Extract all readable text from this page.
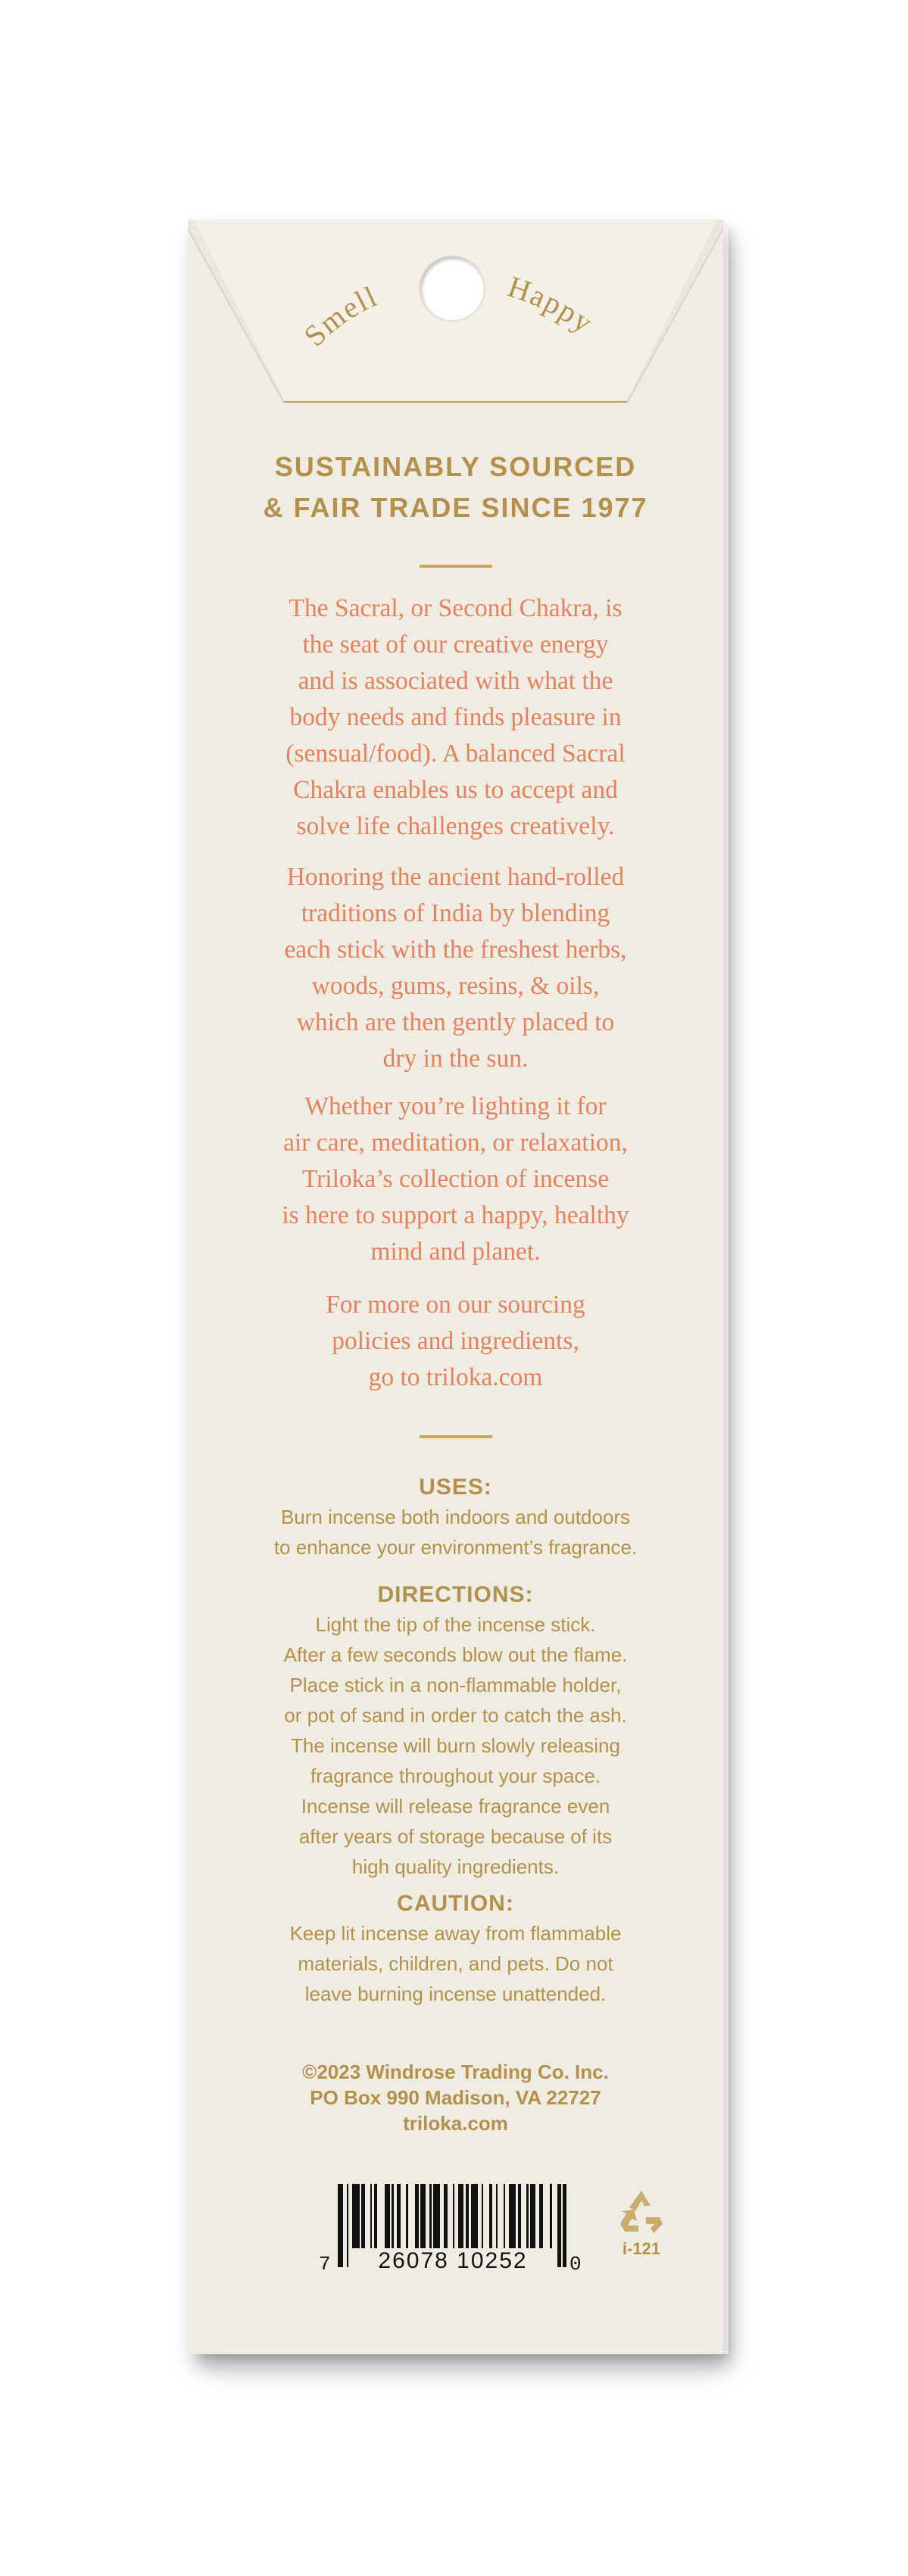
Smell	Happy
SUSTAINABLY SOURCED
& FAIR TRADE SINCE 1977
The Sacral, or Second Chakra, is
the seat of our creative energy
and is associated with what the
body needs and finds pleasure in
(sensual/food). A balanced Sacral
Chakra enables us to accept and
solve life challenges creatively.
Honoring the ancient hand-rolled
traditions of India by blending
each stick with the freshest herbs,
woods, gums, resins, & oils,
which are then gently placed to
dry in the sun.
Whether you’re lighting it for
air care, meditation, or relaxation,
Triloka’s collection of incense
is here to support a happy, healthy
mind and planet.
For more on our sourcing
policies and ingredients,
go to triloka.com
USES:
Burn incense both indoors and outdoors
to enhance your environment’s fragrance.
DIRECTIONS:
Light the tip of the incense stick.
After a few seconds blow out the flame.
Place stick in a non-flammable holder,
or pot of sand in order to catch the ash.
The incense will burn slowly releasing
fragrance throughout your space.
Incense will release fragrance even
after years of storage because of its
high quality ingredients.
CAUTION:
Keep lit incense away from flammable
materials, children, and pets. Do not
leave burning incense unattended.
©2023 Windrose Trading Co. Inc.
PO Box 990 Madison, VA 22727
triloka.com
26078 10252
7	0
i-121
